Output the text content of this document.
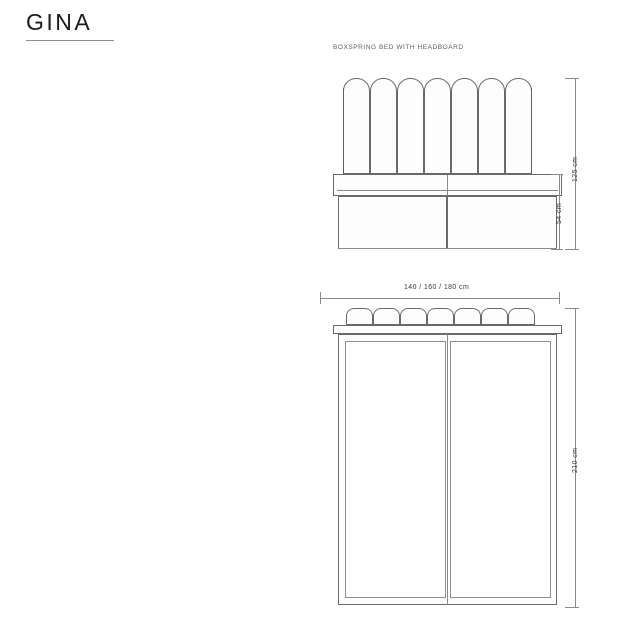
GINA
BOXSPRING BED WITH HEADBOARD
125 cm
54 cm
140 / 160 / 180 cm
210 cm
